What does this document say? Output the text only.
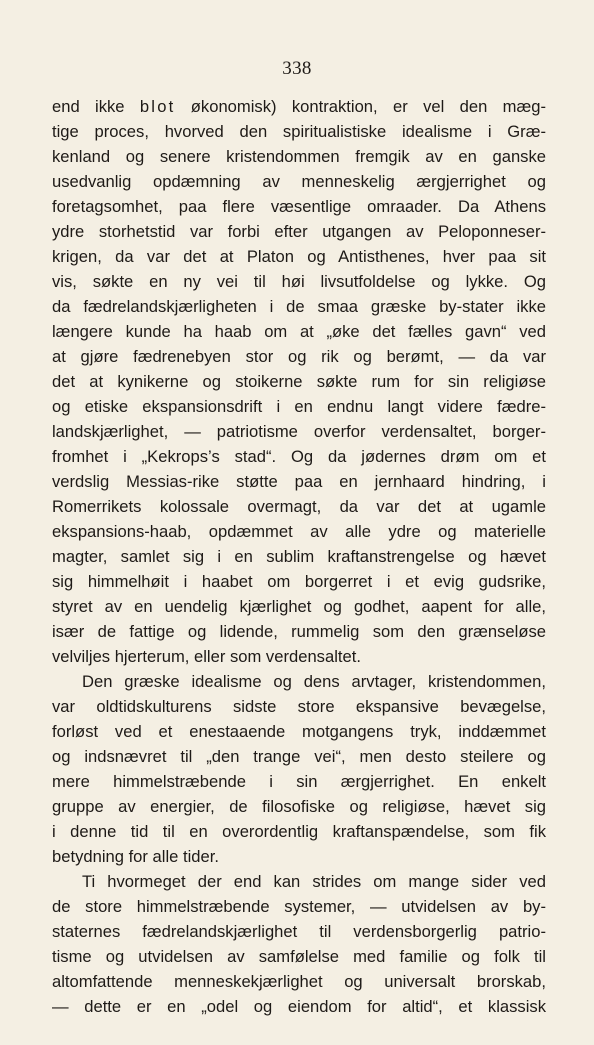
338
end ikke blot økonomisk) kontraktion, er vel den mæg-
tige proces, hvorved den spiritualistiske idealisme i Græ-
kenland og senere kristendommen fremgik av en ganske
usedvanlig opdæmning av menneskelig ærgjerrighet og
foretagsomhet, paa flere væsentlige omraader. Da Athens
ydre storhetstid var forbi efter utgangen av Peloponneser-
krigen, da var det at Platon og Antisthenes, hver paa sit
vis, søkte en ny vei til høi livsutfoldelse og lykke. Og
da fædrelandskjærligheten i de smaa græske by-stater ikke
længere kunde ha haab om at „øke det fælles gavn“ ved
at gjøre fædrenebyen stor og rik og berømt, — da var
det at kynikerne og stoikerne søkte rum for sin religiøse
og etiske ekspansionsdrift i en endnu langt videre fædre-
landskjærlighet, — patriotisme overfor verdensaltet, borger-
fromhet i „Kekrops’s stad“. Og da jødernes drøm om et
verdslig Messias-rike støtte paa en jernhaard hindring, i
Romerrikets kolossale overmagt, da var det at ugamle
ekspansions-haab, opdæmmet av alle ydre og materielle
magter, samlet sig i en sublim kraftanstrengelse og hævet
sig himmelhøit i haabet om borgerret i et evig gudsrike,
styret av en uendelig kjærlighet og godhet, aapent for alle,
især de fattige og lidende, rummelig som den grænseløse
velviljes hjerterum, eller som verdensaltet.
Den græske idealisme og dens arvtager, kristendommen,
var oldtidskulturens sidste store ekspansive bevægelse,
forløst ved et enestaaende motgangens tryk, inddæmmet
og indsnævret til „den trange vei“, men desto steilere og
mere himmelstræbende i sin ærgjerrighet. En enkelt
gruppe av energier, de filosofiske og religiøse, hævet sig
i denne tid til en overordentlig kraftanspændelse, som fik
betydning for alle tider.
Ti hvormeget der end kan strides om mange sider ved
de store himmelstræbende systemer, — utvidelsen av by-
staternes fædrelandskjærlighet til verdensborgerlig patrio-
tisme og utvidelsen av samfølelse med familie og folk til
altomfattende menneskekjærlighet og universalt brorskab,
— dette er en „odel og eiendom for altid“, et klassisk
